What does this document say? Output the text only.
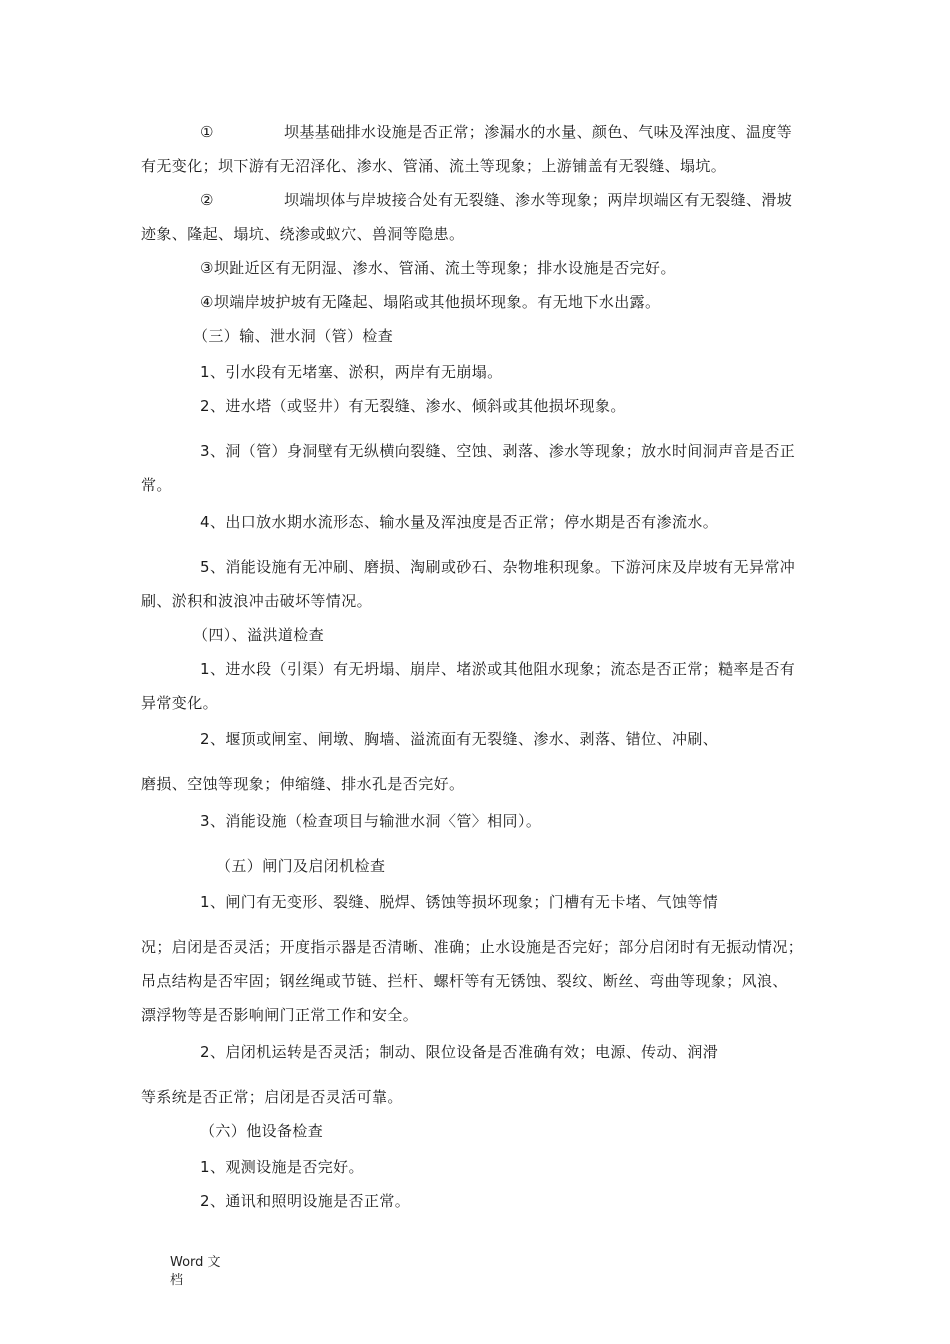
①	坝基基础排水设施是否正常；渗漏水的水量、颜色、气味及浑浊度、温度等

有无变化；坝下游有无沼泽化、渗水、管涌、流土等现象；上游铺盖有无裂缝、塌坑。

②	坝端坝体与岸坡接合处有无裂缝、渗水等现象；两岸坝端区有无裂缝、滑坡

迹象、隆起、塌坑、绕渗或蚁穴、兽洞等隐患。

③坝趾近区有无阴湿、渗水、管涌、流土等现象；排水设施是否完好。

④坝端岸坡护坡有无隆起、塌陷或其他损坏现象。有无地下水出露。

（三）输、泄水洞（管）检查

1、引水段有无堵塞、淤积，两岸有无崩塌。

2、进水塔（或竖井）有无裂缝、渗水、倾斜或其他损坏现象。

3、洞（管）身洞壁有无纵横向裂缝、空蚀、剥落、渗水等现象；放水时间洞声音是否正

常。

4、出口放水期水流形态、输水量及浑浊度是否正常；停水期是否有渗流水。

5、消能设施有无冲刷、磨损、淘刷或砂石、杂物堆积现象。下游河床及岸坡有无异常冲

刷、淤积和波浪冲击破坏等情况。

（四）、溢洪道检查

1、进水段（引渠）有无坍塌、崩岸、堵淤或其他阻水现象；流态是否正常；糙率是否有

异常变化。

2、堰顶或闸室、闸墩、胸墙、溢流面有无裂缝、渗水、剥落、错位、冲刷、

磨损、空蚀等现象；伸缩缝、排水孔是否完好。

3、消能设施（检查项目与输泄水洞〈管〉相同）。

（五）闸门及启闭机检查

1、闸门有无变形、裂缝、脱焊、锈蚀等损坏现象；门槽有无卡堵、气蚀等情

况；启闭是否灵活；开度指示器是否清晰、准确；止水设施是否完好；部分启闭时有无振动情况；

吊点结构是否牢固；钢丝绳或节链、拦杆、螺杆等有无锈蚀、裂纹、断丝、弯曲等现象；风浪、

漂浮物等是否影响闸门正常工作和安全。

2、启闭机运转是否灵活；制动、限位设备是否准确有效；电源、传动、润滑

等系统是否正常；启闭是否灵活可靠。

（六）他设备检查

1、观测设施是否完好。

2、通讯和照明设施是否正常。

Word 文
档
